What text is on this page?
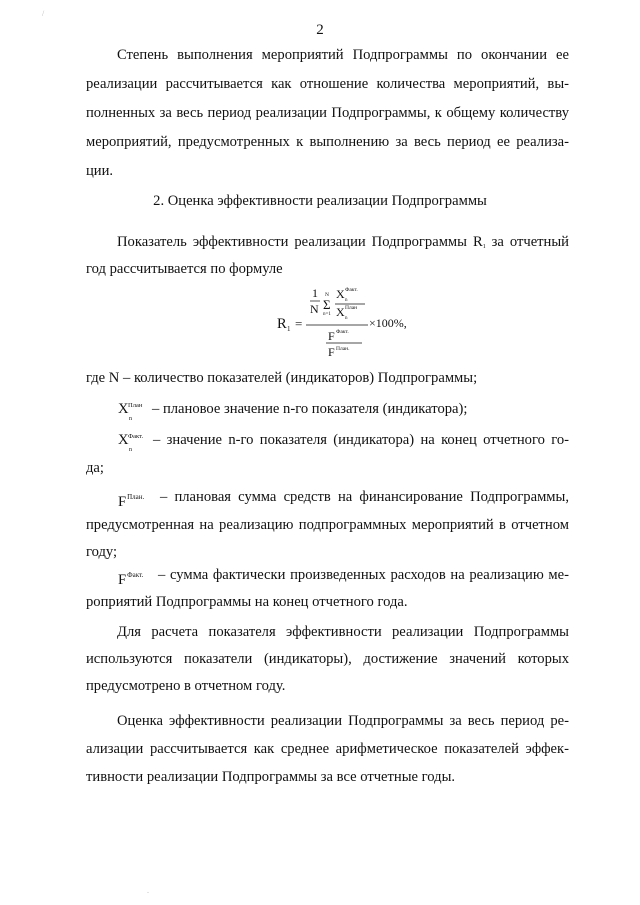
/
2
Степень выполнения мероприятий Подпрограммы по окончании ее
реализации рассчитывается как отношение количества мероприятий, вы-
полненных за весь период реализации Подпрограммы, к общему количеству
мероприятий, предусмотренных к выполнению за весь период ее реализа-
ции.
2. Оценка эффективности реализации Подпрограммы
Показатель эффективности реализации Подпрограммы $R_1$ за отчетный
год рассчитывается по формуле
R 1 =
1
N
N
Σ
n=1
X Факт.
n
X План
n
F Факт.
F План.
×100%,
где N – количество показателей (индикаторов) Подпрограммы;
X План
n
– плановое значение n-го показателя (индикатора);
X Факт.
n
– значение n-го показателя (индикатора) на конец отчетного го-
да;
$F^{План.}$ – плановая сумма средств на финансирование Подпрограммы,
предусмотренная на реализацию подпрограммных мероприятий в отчетном
году;
$F^{Факт.}$ – сумма фактически произведенных расходов на реализацию ме-
роприятий Подпрограммы на конец отчетного года.
Для расчета показателя эффективности реализации Подпрограммы
используются показатели (индикаторы), достижение значений которых
предусмотрено в отчетном году.
Оценка эффективности реализации Подпрограммы за весь период ре-
ализации рассчитывается как среднее арифметическое показателей эффек-
тивности реализации Подпрограммы за все отчетные годы.
.
